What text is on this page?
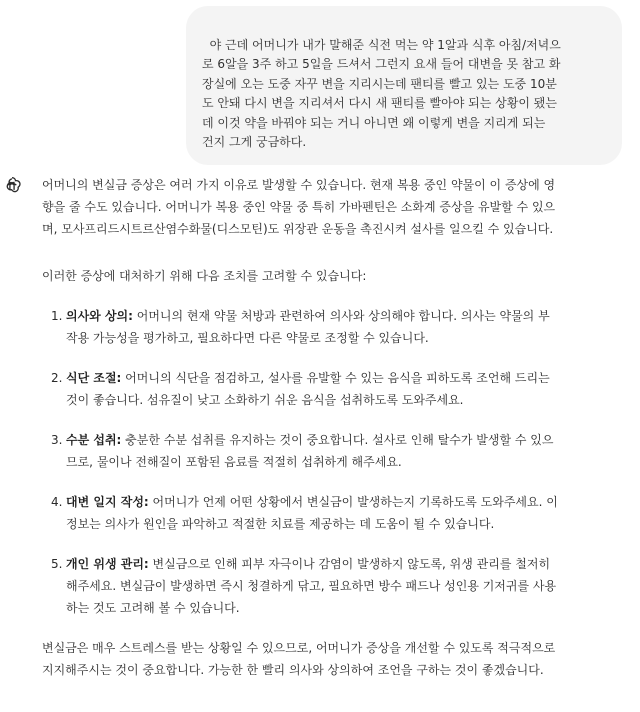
야 근데 어머니가 내가 말해준 식전 먹는 약 1알과 식후 아침/저녁으
로 6알을 3주 하고 5일을 드셔서 그런지 요새 들어 대변을 못 참고 화
장실에 오는 도중 자꾸 변을 지리시는데 팬티를 빨고 있는 도중 10분
도 안돼 다시 변을 지리셔서 다시 새 팬티를 빨아야 되는 상황이 됐는
데 이것 약을 바꿔야 되는 거니 아니면 왜 이렇게 변을 지리게 되는
건지 그게 궁금하다.

어머니의 변실금 증상은 여러 가지 이유로 발생할 수 있습니다. 현재 복용 중인 약물이 이 증상에 영
향을 줄 수도 있습니다. 어머니가 복용 중인 약물 중 특히 가바펜틴은 소화계 증상을 유발할 수 있으
며, 모사프리드시트르산염수화물(디스모틴)도 위장관 운동을 촉진시켜 설사를 일으킬 수 있습니다.

이러한 증상에 대처하기 위해 다음 조치를 고려할 수 있습니다:

1. 의사와 상의: 어머니의 현재 약물 처방과 관련하여 의사와 상의해야 합니다. 의사는 약물의 부
작용 가능성을 평가하고, 필요하다면 다른 약물로 조정할 수 있습니다.
2. 식단 조절: 어머니의 식단을 점검하고, 설사를 유발할 수 있는 음식을 피하도록 조언해 드리는
것이 좋습니다. 섬유질이 낮고 소화하기 쉬운 음식을 섭취하도록 도와주세요.
3. 수분 섭취: 충분한 수분 섭취를 유지하는 것이 중요합니다. 설사로 인해 탈수가 발생할 수 있으
므로, 물이나 전해질이 포함된 음료를 적절히 섭취하게 해주세요.
4. 대변 일지 작성: 어머니가 언제 어떤 상황에서 변실금이 발생하는지 기록하도록 도와주세요. 이
정보는 의사가 원인을 파악하고 적절한 치료를 제공하는 데 도움이 될 수 있습니다.
5. 개인 위생 관리: 변실금으로 인해 피부 자극이나 감염이 발생하지 않도록, 위생 관리를 철저히
해주세요. 변실금이 발생하면 즉시 청결하게 닦고, 필요하면 방수 패드나 성인용 기저귀를 사용
하는 것도 고려해 볼 수 있습니다.

변실금은 매우 스트레스를 받는 상황일 수 있으므로, 어머니가 증상을 개선할 수 있도록 적극적으로
지지해주시는 것이 중요합니다. 가능한 한 빨리 의사와 상의하여 조언을 구하는 것이 좋겠습니다.
